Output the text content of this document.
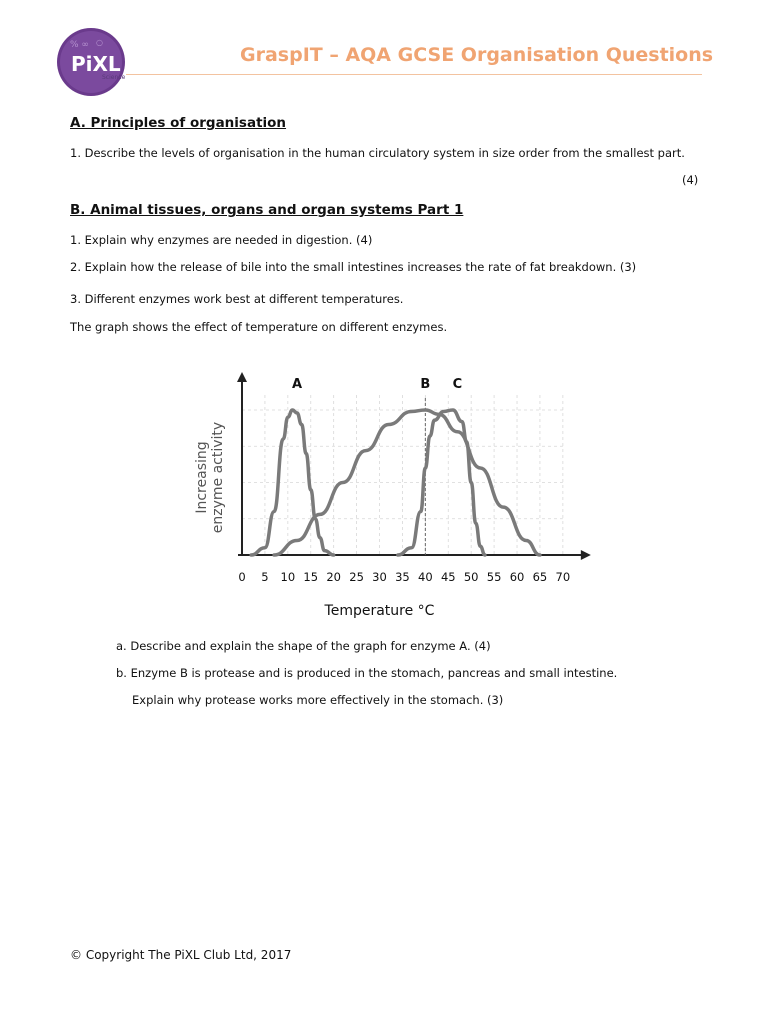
% ∞ ○
PiXL
Science
GraspIT – AQA GCSE Organisation Questions
A. Principles of organisation
1. Describe the levels of organisation in the human circulatory system in size order from the smallest part.
(4)
B. Animal tissues, organs and organ systems Part 1
1. Explain why enzymes are needed in digestion. (4)
2. Explain how the release of bile into the small intestines increases the rate of fat breakdown. (3)
3. Different enzymes work best at different temperatures.
The graph shows the effect of temperature on different enzymes.
0 5 10 15 20 25 30 35 40 45 50 55 60 65 70
A	B C
Increasingenzyme activity
Temperature °C
a. Describe and explain the shape of the graph for enzyme A. (4)
b. Enzyme B is protease and is produced in the stomach, pancreas and small intestine.
Explain why protease works more effectively in the stomach. (3)
© Copyright The PiXL Club Ltd, 2017
